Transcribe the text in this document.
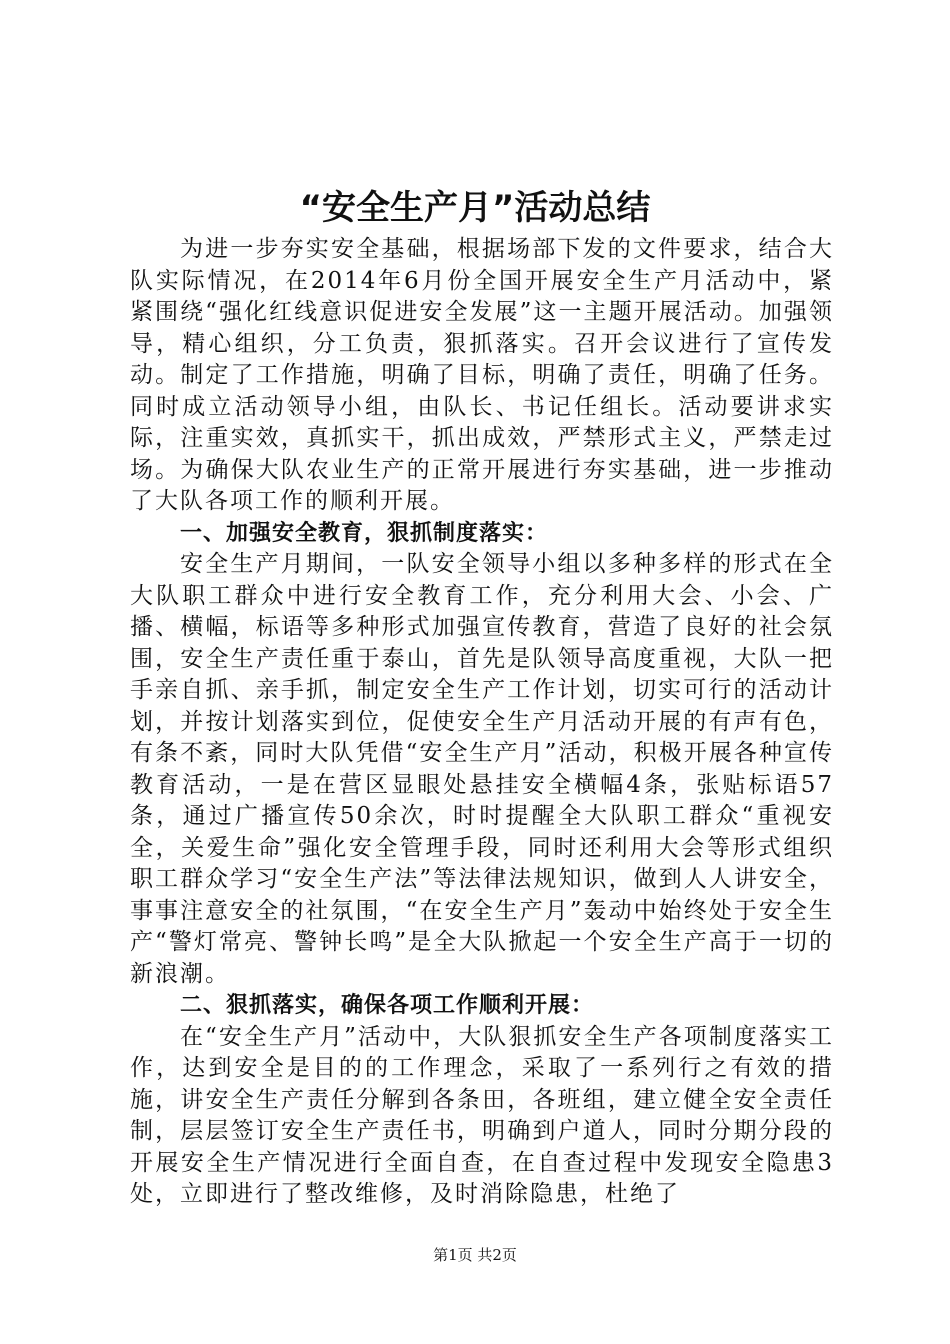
“安全生产月”活动总结

为进一步夯实安全基础，根据场部下发的文件要求，结合大队实际情况，在2014年6月份全国开展安全生产月活动中，紧紧围绕“强化红线意识促进安全发展”这一主题开展活动。加强领导，精心组织，分工负责，狠抓落实。召开会议进行了宣传发动。制定了工作措施，明确了目标，明确了责任，明确了任务。同时成立活动领导小组，由队长、书记任组长。活动要讲求实际，注重实效，真抓实干，抓出成效，严禁形式主义，严禁走过场。为确保大队农业生产的正常开展进行夯实基础，进一步推动了大队各项工作的顺利开展。

一、加强安全教育，狠抓制度落实：

安全生产月期间，一队安全领导小组以多种多样的形式在全大队职工群众中进行安全教育工作，充分利用大会、小会、广播、横幅，标语等多种形式加强宣传教育，营造了良好的社会氛围，安全生产责任重于泰山，首先是队领导高度重视，大队一把手亲自抓、亲手抓，制定安全生产工作计划，切实可行的活动计划，并按计划落实到位，促使安全生产月活动开展的有声有色，有条不紊，同时大队凭借“安全生产月”活动，积极开展各种宣传教育活动，一是在营区显眼处悬挂安全横幅4条，张贴标语57条，通过广播宣传50余次，时时提醒全大队职工群众“重视安全，关爱生命”强化安全管理手段，同时还利用大会等形式组织职工群众学习“安全生产法”等法律法规知识，做到人人讲安全，事事注意安全的社氛围，“在安全生产月”轰动中始终处于安全生产“警灯常亮、警钟长鸣”是全大队掀起一个安全生产高于一切的新浪潮。

二、狠抓落实，确保各项工作顺利开展：

在“安全生产月”活动中，大队狠抓安全生产各项制度落实工作，达到安全是目的的工作理念，采取了一系列行之有效的措施，讲安全生产责任分解到各条田，各班组，建立健全安全责任制，层层签订安全生产责任书，明确到户道人，同时分期分段的开展安全生产情况进行全面自查，在自查过程中发现安全隐患3处，立即进行了整改维修，及时消除隐患，杜绝了

第1页 共2页
